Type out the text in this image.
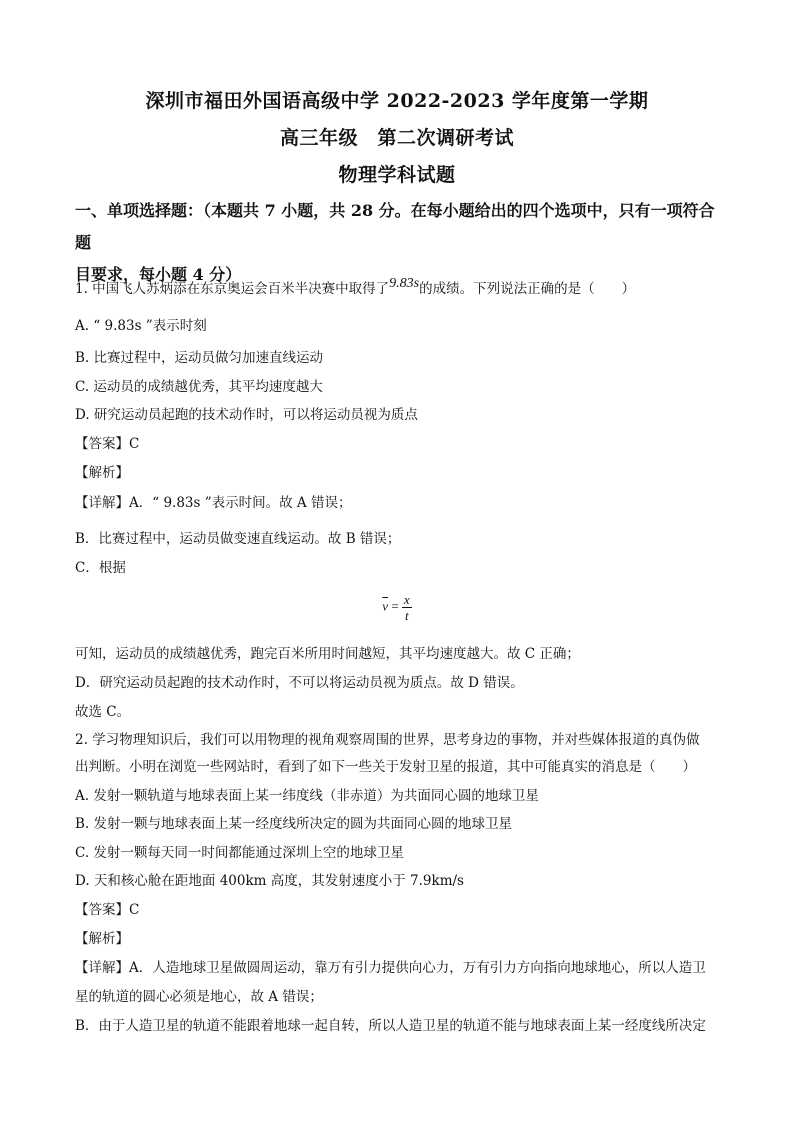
深圳市福田外国语高级中学 2022-2023 学年度第一学期
高三年级　第二次调研考试
物理学科试题
一、单项选择题：（本题共 7 小题，共 28 分。在每小题给出的四个选项中，只有一项符合题
目要求，每小题 4 分）
1. 中国飞人苏炳添在东京奥运会百米半决赛中取得了9.83s的成绩。下列说法正确的是（　　）
A. “ 9.83s ”表示时刻
B. 比赛过程中，运动员做匀加速直线运动
C. 运动员的成绩越优秀，其平均速度越大
D. 研究运动员起跑的技术动作时，可以将运动员视为质点
【答案】C
【解析】
【详解】A．“ 9.83s ”表示时间。故 A 错误；
B．比赛过程中，运动员做变速直线运动。故 B 错误；
C．根据
$\overline{v} = \frac{x}{t}$
可知，运动员的成绩越优秀，跑完百米所用时间越短，其平均速度越大。故 C 正确；
D．研究运动员起跑的技术动作时，不可以将运动员视为质点。故 D 错误。
故选 C。
2. 学习物理知识后，我们可以用物理的视角观察周围的世界，思考身边的事物，并对些媒体报道的真伪做
出判断。小明在浏览一些网站时，看到了如下一些关于发射卫星的报道，其中可能真实的消息是（　　）
A. 发射一颗轨道与地球表面上某一纬度线（非赤道）为共面同心圆的地球卫星
B. 发射一颗与地球表面上某一经度线所决定的圆为共面同心圆的地球卫星
C. 发射一颗每天同一时间都能通过深圳上空的地球卫星
D. 天和核心舱在距地面 400km 高度，其发射速度小于 7.9km/s
【答案】C
【解析】
【详解】A．人造地球卫星做圆周运动，靠万有引力提供向心力，万有引力方向指向地球地心，所以人造卫
星的轨道的圆心必须是地心，故 A 错误；
B．由于人造卫星的轨道不能跟着地球一起自转，所以人造卫星的轨道不能与地球表面上某一经度线所决定
